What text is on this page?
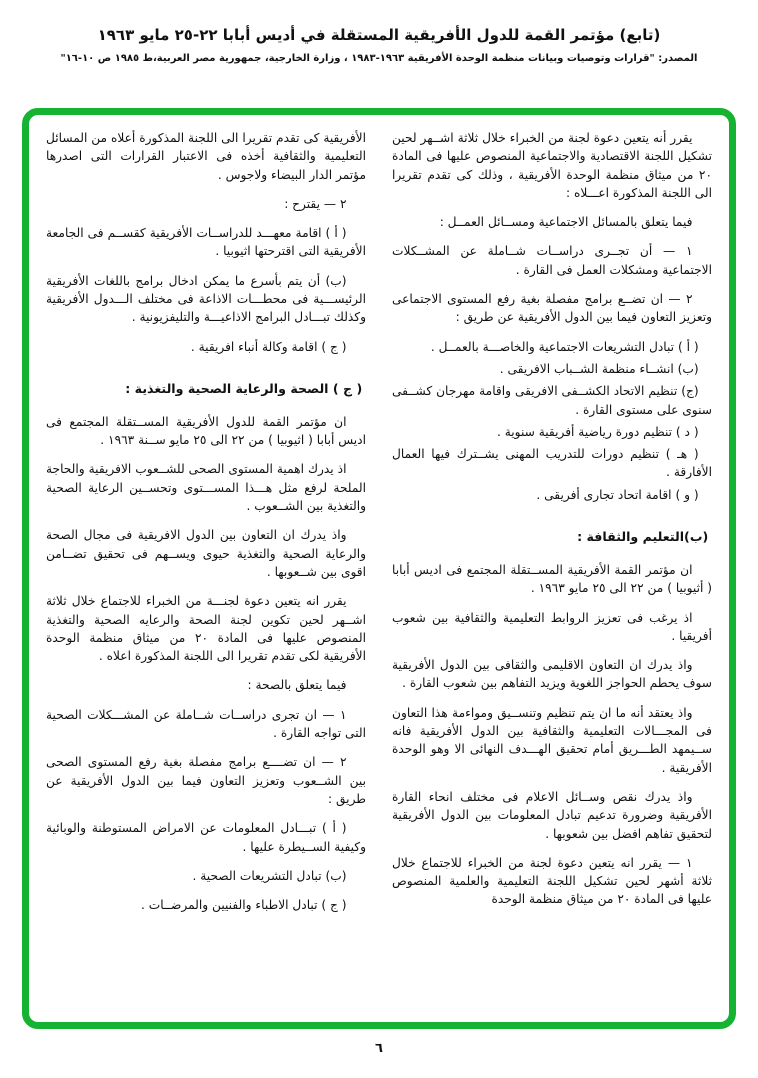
(تابع) مؤتمر القمة للدول الأفريقية المستقلة في أديس أبابا ٢٢-٢٥ مايو ١٩٦٣
المصدر: "قرارات وتوصيات وبيانات منظمة الوحدة الأفريقية ١٩٦٣-١٩٨٣ ، وزارة الخارجية، جمهورية مصر العربية،ط ١٩٨٥ ص ١٠-١٦"

يقرر أنه يتعين دعوة لجنة من الخبراء خلال ثلاثة اشــهر لحين تشكيل اللجنة الاقتصادية والاجتماعية المنصوص عليها فى المادة ٢٠ من ميثاق منظمة الوحدة الأفريقية ، وذلك كى تقدم تقريرا الى اللجنة المذكورة اعـــلاه :

فيما يتعلق بالمسائل الاجتماعية ومســائل العمــل :

١ — أن تجــرى دراســات شــاملة عن المشــكلات الاجتماعية ومشكلات العمل فى القارة .

٢ — ان تضــع برامج مفصلة بغية رفع المستوى الاجتماعى وتعزيز التعاون فيما بين الدول الأفريقية عن طريق :

( أ ) تبادل التشريعات الاجتماعية والخاصـــة بالعمــل .

(ب) انشــاء منظمة الشــباب الافريقى .

(ج) تنظيم الاتحاد الكشــفى الافريقى واقامة مهرجان كشــفى سنوى على مستوى القارة .

( د ) تنظيم دورة رياضية أفريقية سنوية .

( هـ ) تنظيم دورات للتدريب المهنى يشــترك فيها العمال الأفارقة .

( و ) اقامة اتحاد تجارى أفريقى .

(ب)التعليم والثقافة :

ان مؤتمر القمة الأفريقية المســتقلة المجتمع فى اديس أبابا ( أثيوبيا ) من ٢٢ الى ٢٥ مايو ١٩٦٣ .

اذ يرغب فى تعزيز الروابط التعليمية والثقافية بين شعوب أفريقيا .

واذ يدرك ان التعاون الاقليمى والثقافى بين الدول الأفريقية سوف يحطم الحواجز اللغوية ويزيد التفاهم بين شعوب القارة .

واذ يعتقد أنه ما ان يتم تنظيم وتنســيق ومواءمة هذا التعاون فى المجـــالات التعليمية والثقافية بين الدول الأفريقية فانه ســيمهد الطـــريق أمام تحقيق الهـــدف النهائى الا وهو الوحدة الأفريقية .

واذ يدرك نقص وســائل الاعلام فى مختلف انحاء القارة الأفريقية وضرورة تدعيم تبادل المعلومات بين الدول الأفريقية لتحقيق تفاهم افضل بين شعوبها .

١ — يقرر انه يتعين دعوة لجنة من الخبراء للاجتماع خلال ثلاثة أشهر لحين تشكيل اللجنة التعليمية والعلمية المنصوص عليها فى المادة ٢٠ من ميثاق منظمة الوحدة

الأفريقية كى تقدم تقريرا الى اللجنة المذكورة أعلاه من المسائل التعليمية والثقافية أخذه فى الاعتبار القرارات التى اصدرها مؤتمر الدار البيضاء ولاجوس .

٢ — يقترح :

( أ ) اقامة معهـــد للدراســات الأفريقية كقســم فى الجامعة الأفريقية التى اقترحتها اثيوبيا .

(ب) أن يتم بأسرع ما يمكن ادخال برامج باللغات الأفريقية الرئيســـية فى محطـــات الاذاعة فى مختلف الـــدول الأفريقية وكذلك تبـــادل البرامج الاذاعيـــة والتليفزيونية .

( ج ) اقامة وكالة أنباء افريقية .

( ج ) الصحة والرعاية الصحية والتغذية :

ان مؤتمر القمة للدول الأفريقية المســتقلة المجتمع فى اديس أبابا ( اثيوبيا ) من ٢٢ الى ٢٥ مايو ســنة ١٩٦٣ .

اذ يدرك اهمية المستوى الصحى للشــعوب الافريقية والحاجة الملحة لرفع مثل هـــذا المســـتوى وتحســين الرعاية الصحية والتغذية بين الشــعوب .

واذ يدرك ان التعاون بين الدول الافريقية فى مجال الصحة والرعاية الصحية والتغذية حيوى ويســهم فى تحقيق تضــامن اقوى بين شــعوبها .

يقرر انه يتعين دعوة لجنـــة من الخبراء للاجتماع خلال ثلاثة اشــهر لحين تكوين لجنة الصحة والرعايه الصحية والتغذية المنصوص عليها فى المادة ٢٠ من ميثاق منظمة الوحدة الأفريقية لكى تقدم تقريرا الى اللجنة المذكورة اعلاه .

فيما يتعلق بالصحة :

١ — ان تجرى دراســات شــاملة عن المشـــكلات الصحية التى تواجه القارة .

٢ — ان تضــــع برامج مفصلة بغية رفع المستوى الصحى بين الشــعوب وتعزيز التعاون فيما بين الدول الأفريقية عن طريق :

( أ ) تبـــادل المعلومات عن الامراض المستوطنة والوبائية وكيفية الســيطرة عليها .

(ب) تبادل التشريعات الصحية .

( ج ) تبادل الاطباء والفنيين والمرضــات .

٦
